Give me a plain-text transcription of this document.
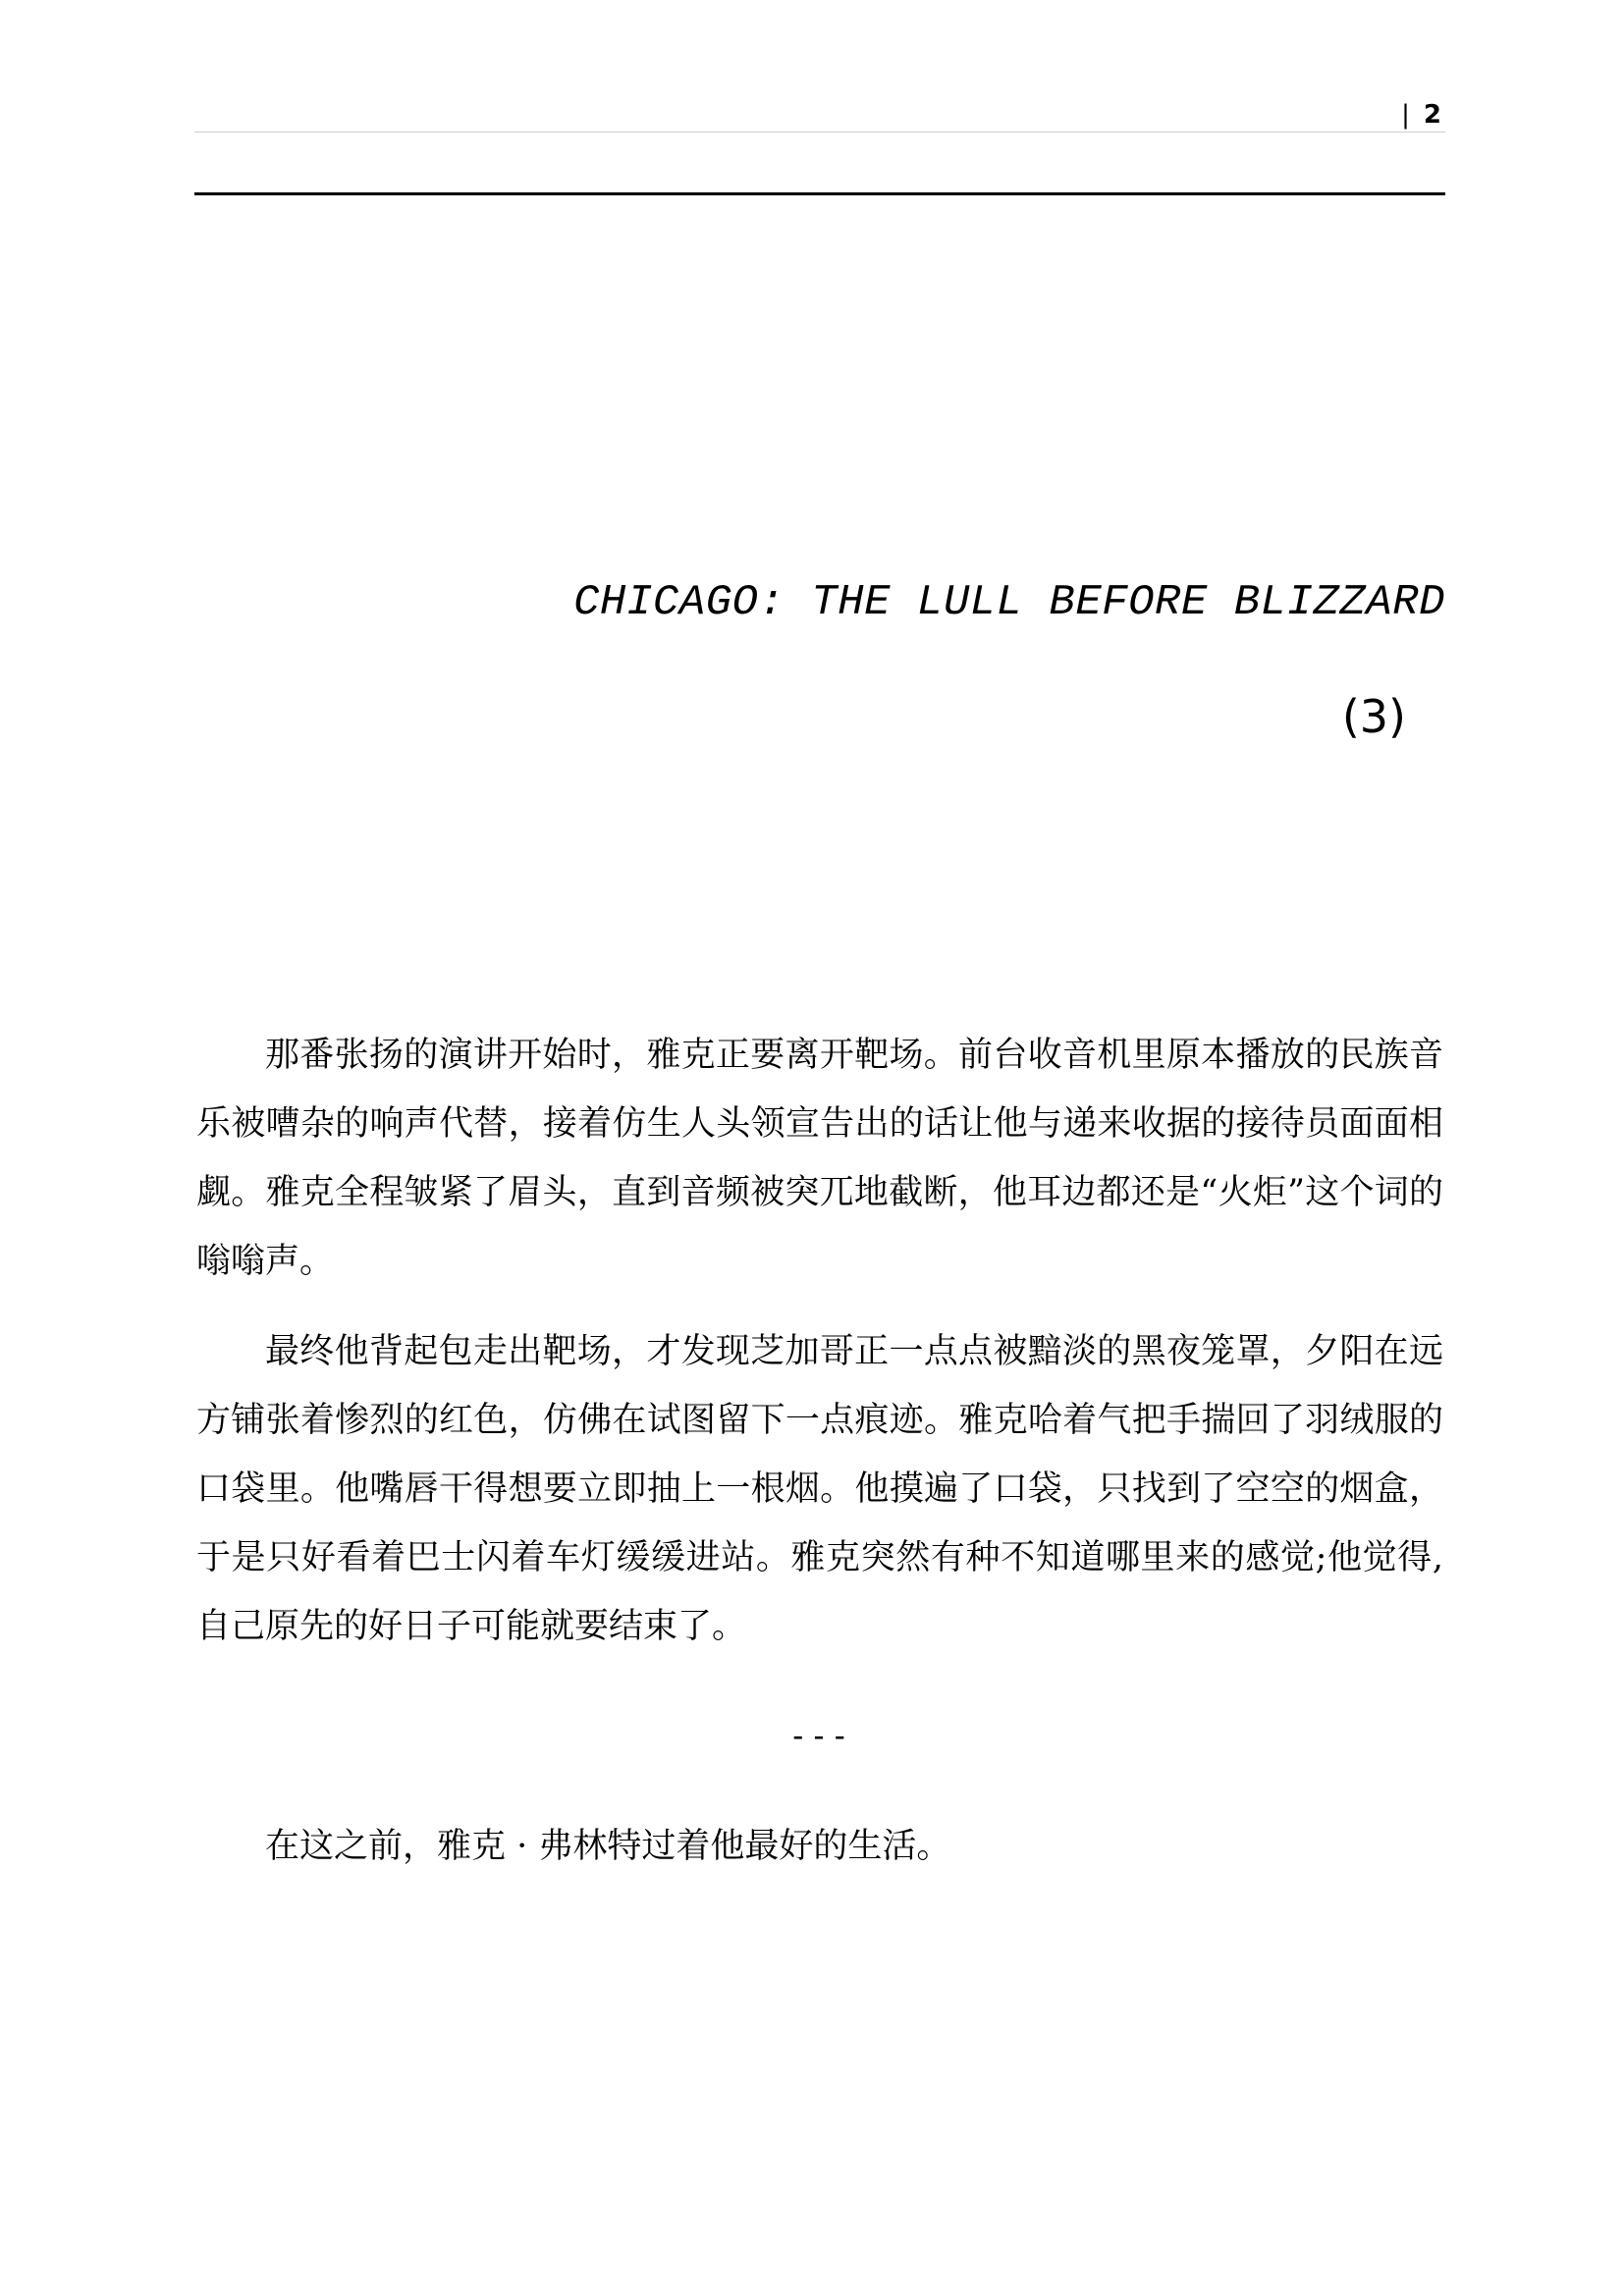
| 2
CHICAGO: THE LULL BEFORE BLIZZARD
(3)

那番张扬的演讲开始时，雅克正要离开靶场。前台收音机里原本播放的民族音乐被嘈杂的响声代替，接着仿生人头领宣告出的话让他与递来收据的接待员面面相觑。雅克全程皱紧了眉头，直到音频被突兀地截断，他耳边都还是“火炬”这个词的嗡嗡声。

最终他背起包走出靶场，才发现芝加哥正一点点被黯淡的黑夜笼罩，夕阳在远方铺张着惨烈的红色，仿佛在试图留下一点痕迹。雅克哈着气把手揣回了羽绒服的口袋里。他嘴唇干得想要立即抽上一根烟。他摸遍了口袋，只找到了空空的烟盒，于是只好看着巴士闪着车灯缓缓进站。雅克突然有种不知道哪里来的感觉;他觉得,自己原先的好日子可能就要结束了。

---

在这之前，雅克 · 弗林特过着他最好的生活。
